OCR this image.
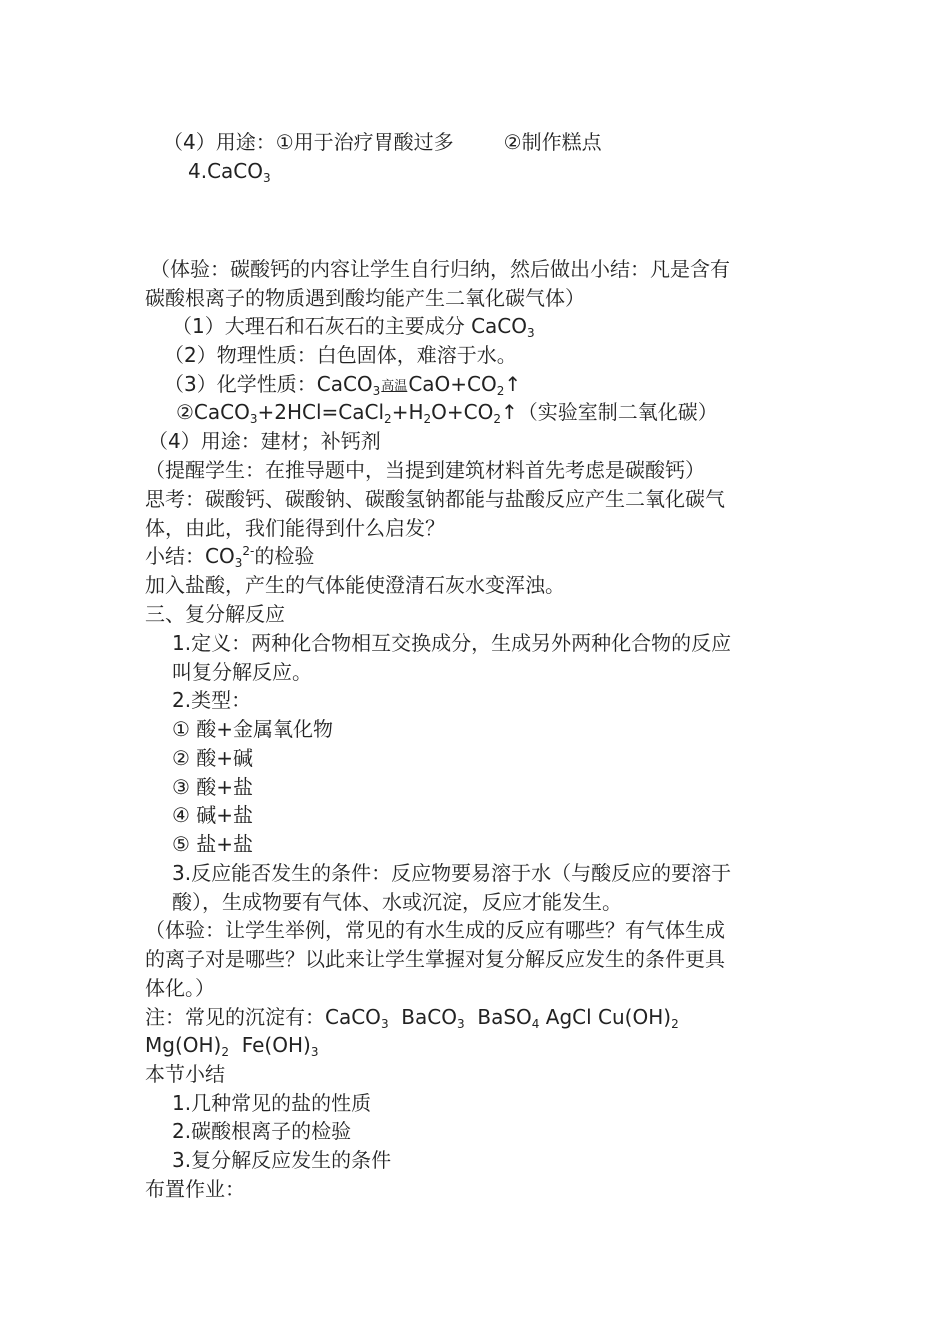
（4）用途：①用于治疗胃酸过多	②制作糕点
4.CaCO$_3$
（体验：碳酸钙的内容让学生自行归纳，然后做出小结：凡是含有
碳酸根离子的物质遇到酸均能产生二氧化碳气体）
（1）大理石和石灰石的主要成分 CaCO$_3$
（2）物理性质：白色固体，难溶于水。
（3）化学性质：CaCO$_3$高温$CaO+CO_2↑$
$②CaCO_3+2HCl=CaCl_2+H_2O+CO_2↑$（实验室制二氧化碳）
（4）用途：建材；补钙剂
（提醒学生：在推导题中，当提到建筑材料首先考虑是碳酸钙）
思考：碳酸钙、碳酸钠、碳酸氢钠都能与盐酸反应产生二氧化碳气
体，由此，我们能得到什么启发？
小结：$CO_3^{2-}$的检验
加入盐酸，产生的气体能使澄清石灰水变浑浊。
三、复分解反应
1.定义：两种化合物相互交换成分，生成另外两种化合物的反应
叫复分解反应。
2.类型：
① 酸+金属氧化物
② 酸+碱
③ 酸+盐
④ 碱+盐
⑤ 盐+盐
3.反应能否发生的条件：反应物要易溶于水（与酸反应的要溶于
酸），生成物要有气体、水或沉淀，反应才能发生。
（体验：让学生举例，常见的有水生成的反应有哪些？有气体生成
的离子对是哪些？以此来让学生掌握对复分解反应发生的条件更具
体化。）
注：常见的沉淀有：CaCO$_3$ BaCO$_3$ BaSO$_4$ AgCl $Cu(OH)_2$
$Mg(OH)_2$ $Fe(OH)_3$
本节小结
1.几种常见的盐的性质
2.碳酸根离子的检验
3.复分解反应发生的条件
布置作业：
